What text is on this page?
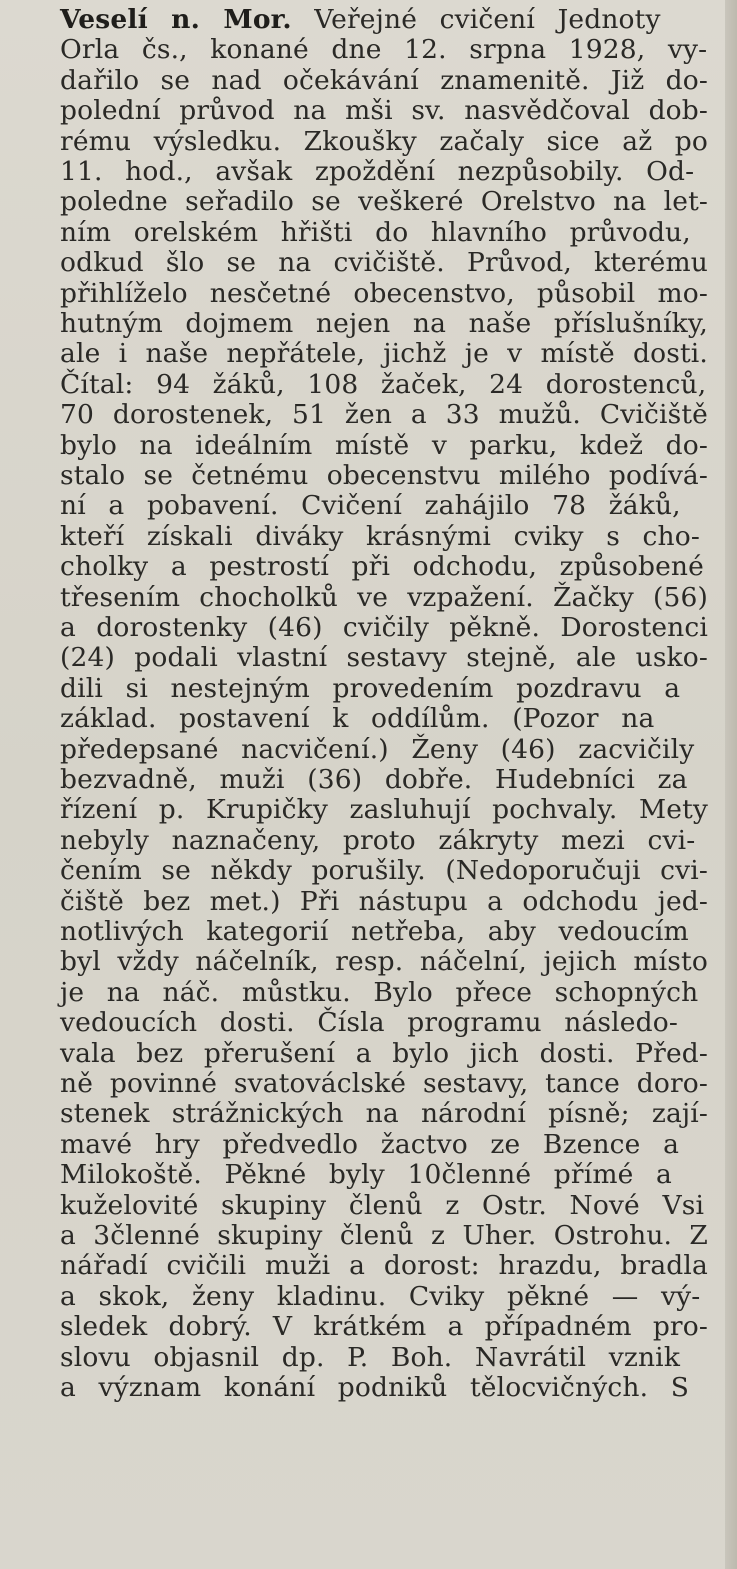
Veselí n. Mor. Veřejné cvičení Jednoty
Orla čs., konané dne 12. srpna 1928, vy-
dařilo se nad očekávání znamenitě. Již do-
polední průvod na mši sv. nasvědčoval dob-
rému výsledku. Zkoušky začaly sice až po
11. hod., avšak zpoždění nezpůsobily. Od-
poledne seřadilo se veškeré Orelstvo na let-
ním orelském hřišti do hlavního průvodu,
odkud šlo se na cvičiště. Průvod, kterému
přihlíželo nesčetné obecenstvo, působil mo-
hutným dojmem nejen na naše příslušníky,
ale i naše nepřátele, jichž je v místě dosti.
Čítal: 94 žáků, 108 žaček, 24 dorostenců,
70 dorostenek, 51 žen a 33 mužů. Cvičiště
bylo na ideálním místě v parku, kdež do-
stalo se četnému obecenstvu milého podívá-
ní a pobavení. Cvičení zahájilo 78 žáků,
kteří získali diváky krásnými cviky s cho-
cholky a pestrostí při odchodu, způsobené
třesením chocholků ve vzpažení. Žačky (56)
a dorostenky (46) cvičily pěkně. Dorostenci
(24) podali vlastní sestavy stejně, ale usko-
dili si nestejným provedením pozdravu a
základ. postavení k oddílům. (Pozor na
předepsané nacvičení.) Ženy (46) zacvičily
bezvadně, muži (36) dobře. Hudebníci za
řízení p. Krupičky zasluhují pochvaly. Mety
nebyly naznačeny, proto zákryty mezi cvi-
čením se někdy porušily. (Nedoporučuji cvi-
čiště bez met.) Při nástupu a odchodu jed-
notlivých kategorií netřeba, aby vedoucím
byl vždy náčelník, resp. náčelní, jejich místo
je na náč. můstku. Bylo přece schopných
vedoucích dosti. Čísla programu následo-
vala bez přerušení a bylo jich dosti. Před-
ně povinné svatováclské sestavy, tance doro-
stenek strážnických na národní písně; zají-
mavé hry předvedlo žactvo ze Bzence a
Milokoště. Pěkné byly 10členné přímé a
kuželovité skupiny členů z Ostr. Nové Vsi
a 3členné skupiny členů z Uher. Ostrohu. Z
nářadí cvičili muži a dorost: hrazdu, bradla
a skok, ženy kladinu. Cviky pěkné — vý-
sledek dobrý. V krátkém a případném pro-
slovu objasnil dp. P. Boh. Navrátil vznik
a význam konání podniků tělocvičných. S
